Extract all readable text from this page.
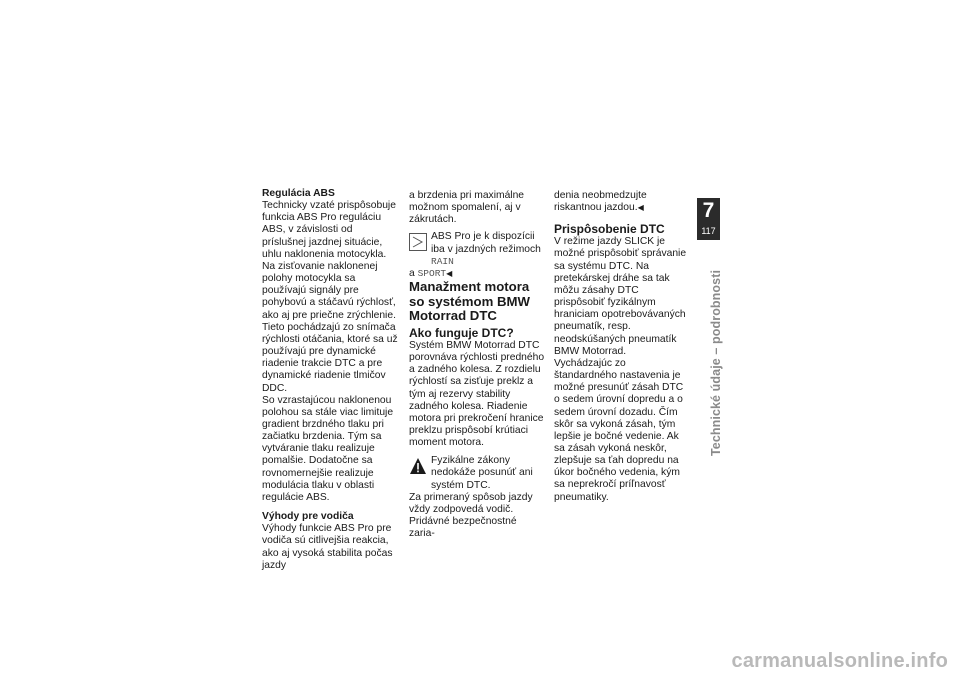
Regulácia ABS

Technicky vzaté prispôsobuje funkcia ABS Pro reguláciu ABS, v závislosti od príslušnej jazdnej situácie, uhlu naklonenia motocykla. Na zisťovanie naklonenej polohy motocykla sa používajú signály pre pohybovú a stáčavú rýchlosť, ako aj pre priečne zrýchlenie. Tieto pochádzajú zo snímača rýchlosti otáčania, ktoré sa už používajú pre dynamické riadenie trakcie DTC a pre dynamické riadenie tlmičov DDC.

So vzrastajúcou naklonenou polohou sa stále viac limituje gradient brzdného tlaku pri začiatku brzdenia. Tým sa vytváranie tlaku realizuje pomalšie. Dodatočne sa rovnomernejšie realizuje modulácia tlaku v oblasti regulácie ABS.

Výhody pre vodiča

Výhody funkcie ABS Pro pre vodiča sú citlivejšia reakcia, ako aj vysoká stabilita počas jazdy

a brzdenia pri maximálne možnom spomalení, aj v zákrutách.

ABS Pro je k dispozícii iba v jazdných režimoch RAIN

a SPORT◀

Manažment motora so systémom BMW Motorrad DTC

Ako funguje DTC?

Systém BMW Motorrad DTC porovnáva rýchlosti predného a zadného kolesa. Z rozdielu rýchlostí sa zisťuje preklz a tým aj rezervy stability zadného kolesa. Riadenie motora pri prekročení hranice preklzu prispôsobí krútiaci moment motora.

Fyzikálne zákony nedokáže posunúť ani systém DTC.

Za primeraný spôsob jazdy vždy zodpovedá vodič.

Pridávné bezpečnostné zaria-

denia neobmedzujte riskantnou jazdou.◀

Prispôsobenie DTC

V režime jazdy SLICK je možné prispôsobiť správanie sa systému DTC. Na pretekárskej dráhe sa tak môžu zásahy DTC prispôsobiť fyzikálnym hraniciam opotrebovávaných pneumatík, resp. neodskúšaných pneumatík BMW Motorrad.

Vychádzajúc zo štandardného nastavenia je možné presunúť zásah DTC o sedem úrovní dopredu a o sedem úrovní dozadu. Čím skôr sa vykoná zásah, tým lepšie je bočné vedenie. Ak sa zásah vykoná neskôr, zlepšuje sa ťah dopredu na úkor bočného vedenia, kým sa neprekročí príľnavosť pneumatiky.

7
117
Technické údaje – podrobnosti
carmanualsonline.info
